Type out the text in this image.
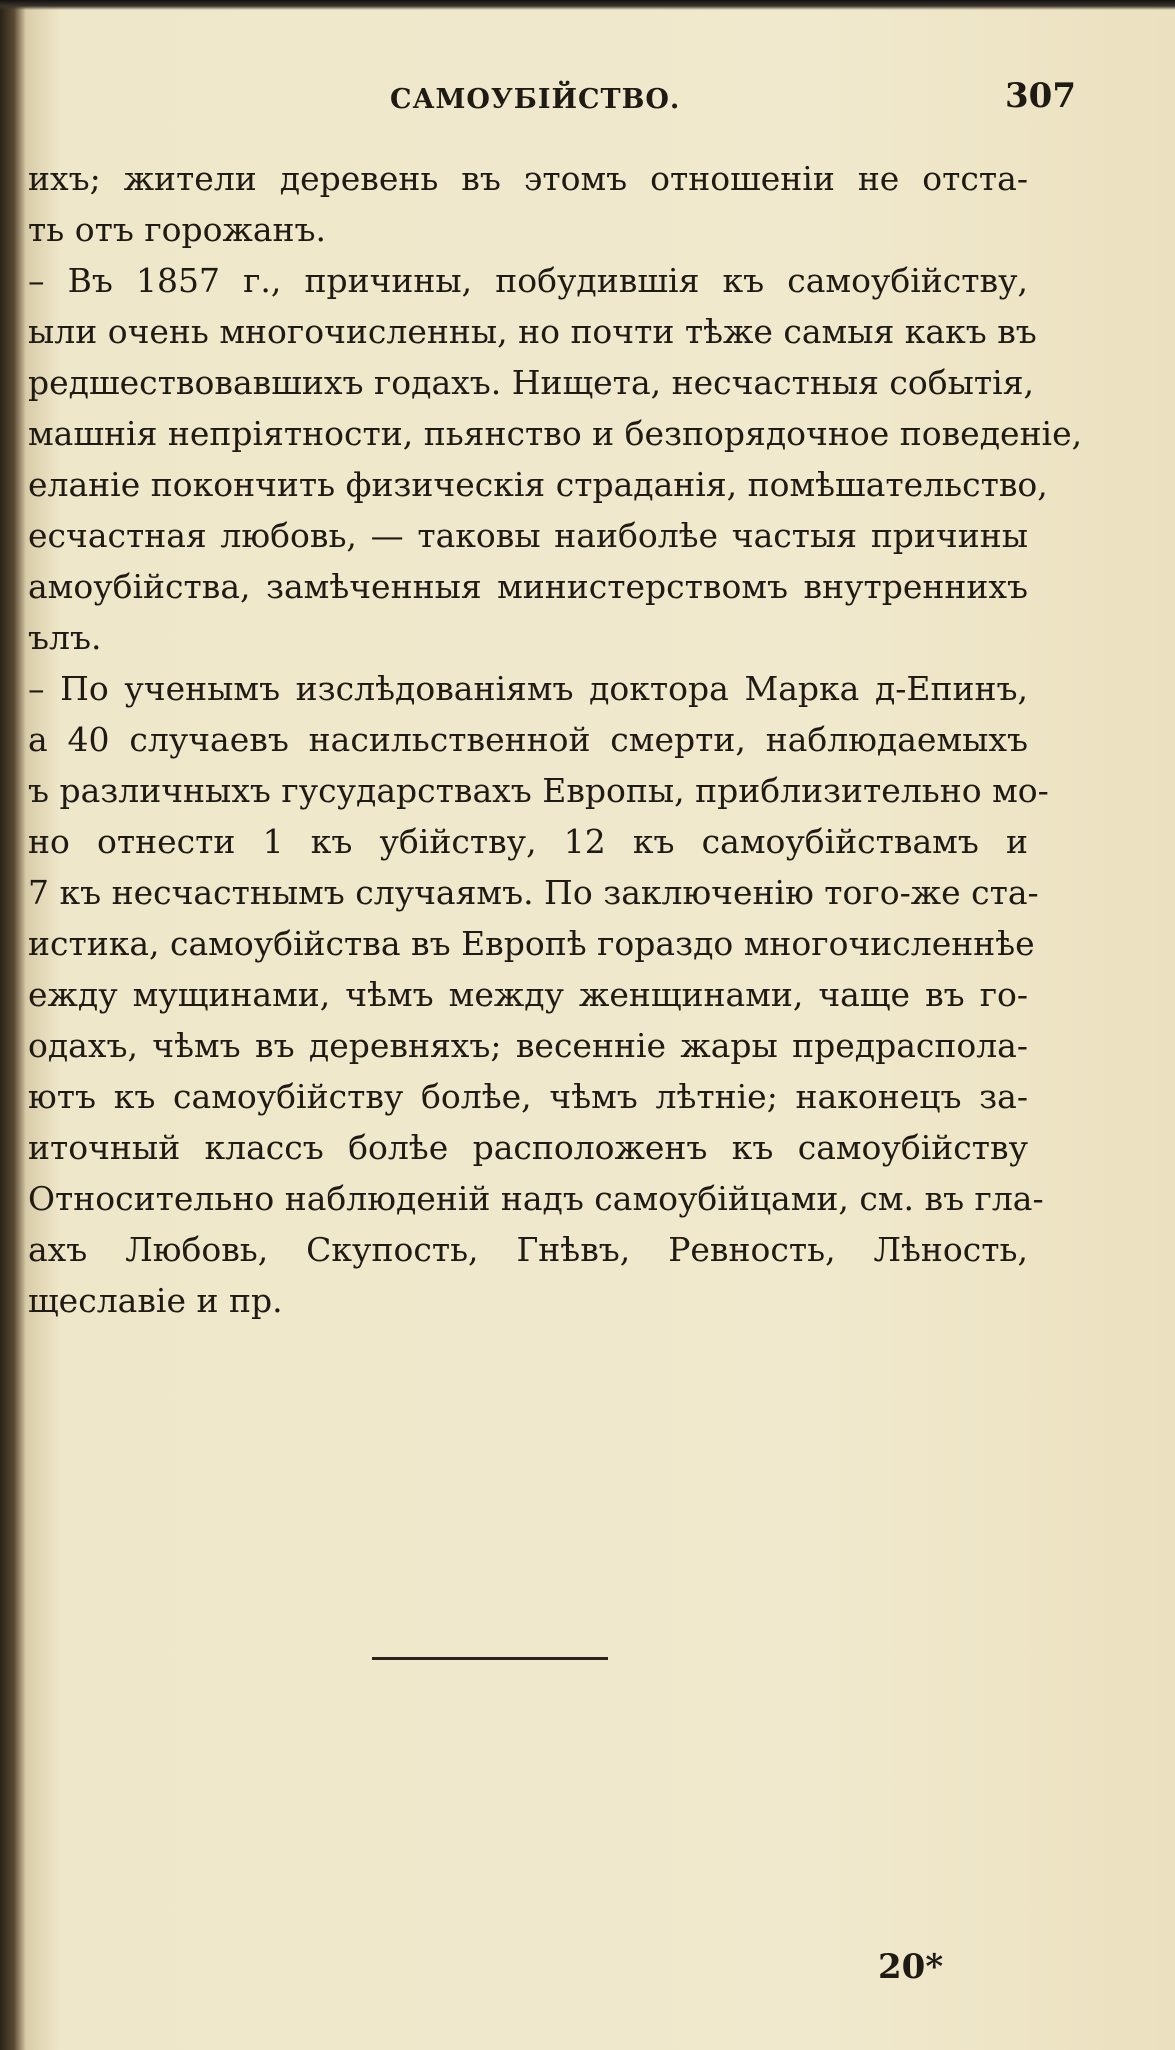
САМОУБІЙСТВО.	307
ихъ; жители деревень въ этомъ отношеніи не отста-
ть отъ горожанъ.
– Въ 1857 г., причины, побудившія къ самоубійству,
ыли очень многочисленны, но почти тѣже самыя какъ въ
редшествовавшихъ годахъ. Нищета, несчастныя событія,
машнія непріятности, пьянство и безпорядочное поведеніе,
еланіе покончить физическія страданія, помѣшательство,
есчастная любовь, — таковы наиболѣе частыя причины
амоубійства, замѣченныя министерствомъ внутреннихъ
ълъ.
– По ученымъ изслѣдованіямъ доктора Марка д-Епинъ,
а 40 случаевъ насильственной смерти, наблюдаемыхъ
ъ различныхъ гусударствахъ Европы, приблизительно мо-
но отнести 1 къ убійству, 12 къ самоубійствамъ и
7 къ несчастнымъ случаямъ. По заключенію того-же ста-
истика, самоубійства въ Европѣ гораздо многочисленнѣе
ежду мущинами, чѣмъ между женщинами, чаще въ го-
одахъ, чѣмъ въ деревняхъ; весенніе жары предраспола-
ютъ къ самоубійству болѣе, чѣмъ лѣтніе; наконецъ за-
иточный классъ болѣе расположенъ къ самоубійству
Относительно наблюденій надъ самоубійцами, см. въ гла-
ахъ Любовь, Скупость, Гнѣвъ, Ревность, Лѣность,
щеславіе и пр.
20*
